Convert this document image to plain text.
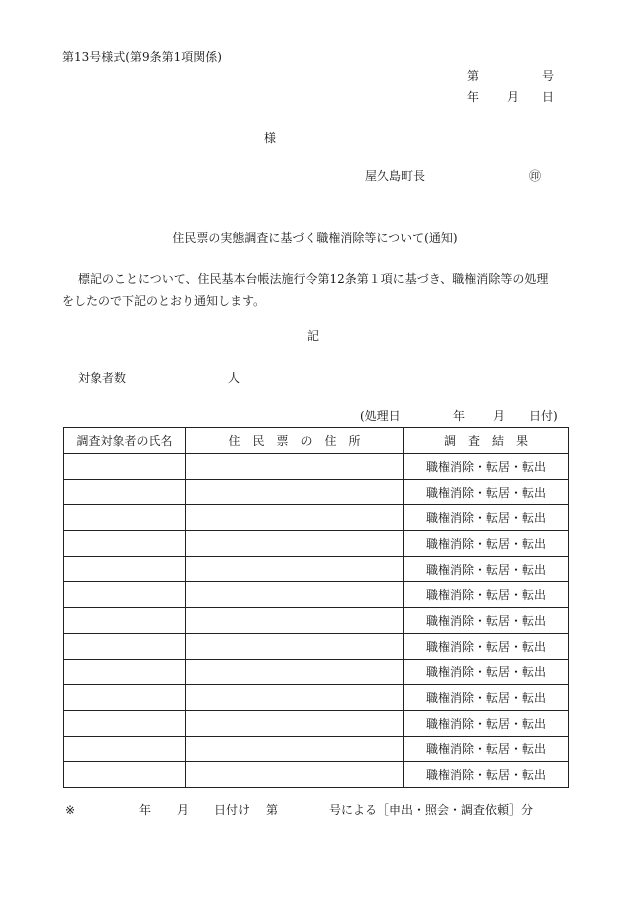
第13号様式(第9条第1項関係)
第	号
年 月 日
様
屋久島町長	㊞
住民票の実態調査に基づく職権消除等について(通知)
標記のことについて、住民基本台帳法施行令第12条第１項に基づき、職権消除等の処理
をしたので下記のとおり通知します。
記
対象者数	人
(処理日	年 月 日付)
調査対象者の氏名	住　民　票　の　住　所	調　査　結　果
		職権消除・転居・転出
		職権消除・転居・転出
		職権消除・転居・転出
		職権消除・転居・転出
		職権消除・転居・転出
		職権消除・転居・転出
		職権消除・転居・転出
		職権消除・転居・転出
		職権消除・転居・転出
		職権消除・転居・転出
		職権消除・転居・転出
		職権消除・転居・転出
		職権消除・転居・転出
※	年 月 日付け 第	号による［申出・照会・調査依頼］分
